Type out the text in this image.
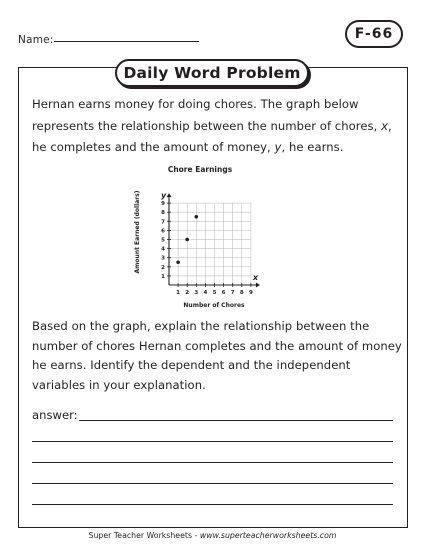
Name:	F-66
Daily Word Problem
Hernan earns money for doing chores. The graph below represents the relationship between the number of chores, x, he completes and the amount of money, y, he earns.
Chore Earnings
Amount Earned (dollars)
Number of Chores
y
x
1 2 3 4 5 6 7 8 9
1
2
3
4
5
6
7
8
9
Based on the graph, explain the relationship between the number of chores Hernan completes and the amount of money he earns. Identify the dependent and the independent variables in your explanation.
answer:
Super Teacher Worksheets - www.superteacherworksheets.com
